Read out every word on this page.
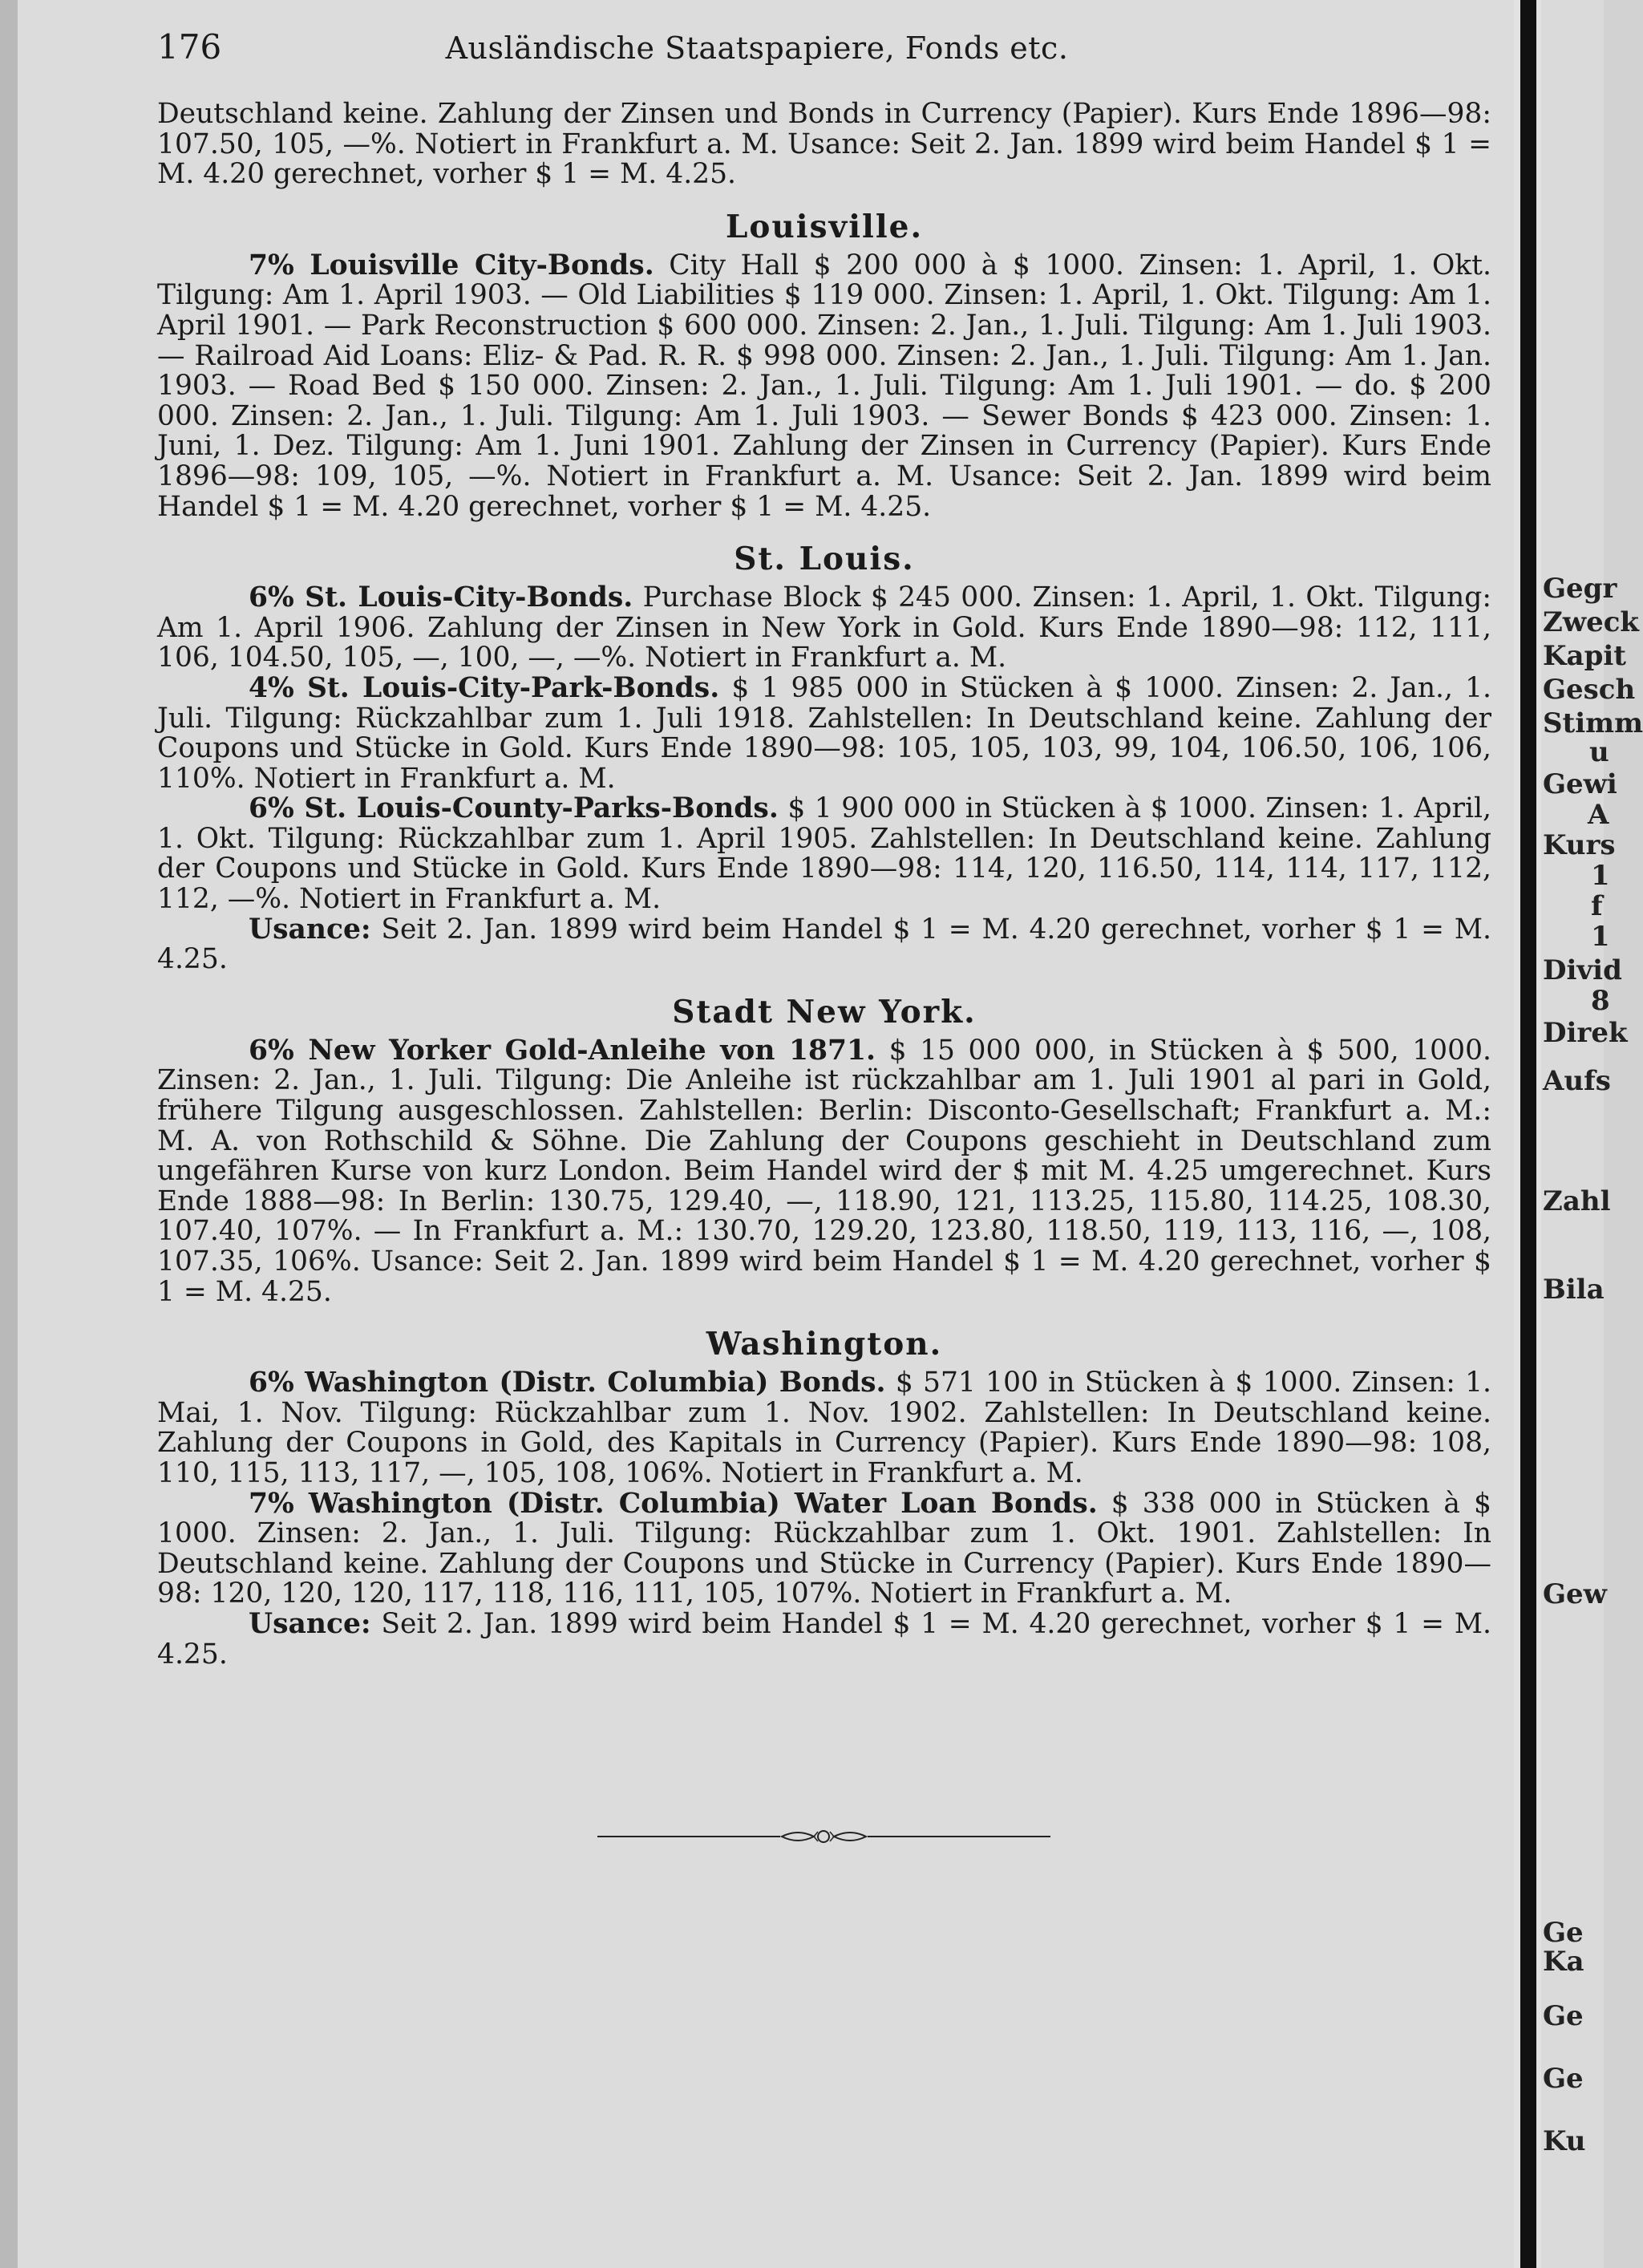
176	Ausländische Staatspapiere, Fonds etc.

Deutschland keine. Zahlung der Zinsen und Bonds in Currency (Papier). Kurs Ende 1896—98: 107.50, 105, —%. Notiert in Frankfurt a. M. Usance: Seit 2. Jan. 1899 wird beim Handel $ 1 = M. 4.20 gerechnet, vorher $ 1 = M. 4.25.

Louisville.

7% Louisville City-Bonds. City Hall $ 200 000 à $ 1000. Zinsen: 1. April, 1. Okt. Tilgung: Am 1. April 1903. — Old Liabilities $ 119 000. Zinsen: 1. April, 1. Okt. Tilgung: Am 1. April 1901. — Park Reconstruction $ 600 000. Zinsen: 2. Jan., 1. Juli. Tilgung: Am 1. Juli 1903. — Railroad Aid Loans: Eliz- & Pad. R. R. $ 998 000. Zinsen: 2. Jan., 1. Juli. Tilgung: Am 1. Jan. 1903. — Road Bed $ 150 000. Zinsen: 2. Jan., 1. Juli. Tilgung: Am 1. Juli 1901. — do. $ 200 000. Zinsen: 2. Jan., 1. Juli. Tilgung: Am 1. Juli 1903. — Sewer Bonds $ 423 000. Zinsen: 1. Juni, 1. Dez. Tilgung: Am 1. Juni 1901. Zahlung der Zinsen in Currency (Papier). Kurs Ende 1896—98: 109, 105, —%. Notiert in Frankfurt a. M. Usance: Seit 2. Jan. 1899 wird beim Handel $ 1 = M. 4.20 gerechnet, vorher $ 1 = M. 4.25.

St. Louis.

6% St. Louis-City-Bonds. Purchase Block $ 245 000. Zinsen: 1. April, 1. Okt. Tilgung: Am 1. April 1906. Zahlung der Zinsen in New York in Gold. Kurs Ende 1890—98: 112, 111, 106, 104.50, 105, —, 100, —, —%. Notiert in Frankfurt a. M.

4% St. Louis-City-Park-Bonds. $ 1 985 000 in Stücken à $ 1000. Zinsen: 2. Jan., 1. Juli. Tilgung: Rückzahlbar zum 1. Juli 1918. Zahlstellen: In Deutschland keine. Zahlung der Coupons und Stücke in Gold. Kurs Ende 1890—98: 105, 105, 103, 99, 104, 106.50, 106, 106, 110%. Notiert in Frankfurt a. M.

6% St. Louis-County-Parks-Bonds. $ 1 900 000 in Stücken à $ 1000. Zinsen: 1. April, 1. Okt. Tilgung: Rückzahlbar zum 1. April 1905. Zahlstellen: In Deutschland keine. Zahlung der Coupons und Stücke in Gold. Kurs Ende 1890—98: 114, 120, 116.50, 114, 114, 117, 112, 112, —%. Notiert in Frankfurt a. M.

Usance: Seit 2. Jan. 1899 wird beim Handel $ 1 = M. 4.20 gerechnet, vorher $ 1 = M. 4.25.

Stadt New York.

6% New Yorker Gold-Anleihe von 1871. $ 15 000 000, in Stücken à $ 500, 1000. Zinsen: 2. Jan., 1. Juli. Tilgung: Die Anleihe ist rückzahlbar am 1. Juli 1901 al pari in Gold, frühere Tilgung ausgeschlossen. Zahlstellen: Berlin: Disconto-Gesellschaft; Frankfurt a. M.: M. A. von Rothschild & Söhne. Die Zahlung der Coupons geschieht in Deutschland zum ungefähren Kurse von kurz London. Beim Handel wird der $ mit M. 4.25 umgerechnet. Kurs Ende 1888—98: In Berlin: 130.75, 129.40, —, 118.90, 121, 113.25, 115.80, 114.25, 108.30, 107.40, 107%. — In Frankfurt a. M.: 130.70, 129.20, 123.80, 118.50, 119, 113, 116, —, 108, 107.35, 106%. Usance: Seit 2. Jan. 1899 wird beim Handel $ 1 = M. 4.20 gerechnet, vorher $ 1 = M. 4.25.

Washington.

6% Washington (Distr. Columbia) Bonds. $ 571 100 in Stücken à $ 1000. Zinsen: 1. Mai, 1. Nov. Tilgung: Rückzahlbar zum 1. Nov. 1902. Zahlstellen: In Deutschland keine. Zahlung der Coupons in Gold, des Kapitals in Currency (Papier). Kurs Ende 1890—98: 108, 110, 115, 113, 117, —, 105, 108, 106%. Notiert in Frankfurt a. M.

7% Washington (Distr. Columbia) Water Loan Bonds. $ 338 000 in Stücken à $ 1000. Zinsen: 2. Jan., 1. Juli. Tilgung: Rückzahlbar zum 1. Okt. 1901. Zahlstellen: In Deutschland keine. Zahlung der Coupons und Stücke in Currency (Papier). Kurs Ende 1890—98: 120, 120, 120, 117, 118, 116, 111, 105, 107%. Notiert in Frankfurt a. M.

Usance: Seit 2. Jan. 1899 wird beim Handel $ 1 = M. 4.20 gerechnet, vorher $ 1 = M. 4.25.

Gegr
Zweck
Kapit
Gesch
Stimm
u
Gewi
A
Kurs
1
f
1
Divid
8
Direk
Aufs
Zahl
Bila
Gew
Ge
Ka
Ge
Ge
Ku
